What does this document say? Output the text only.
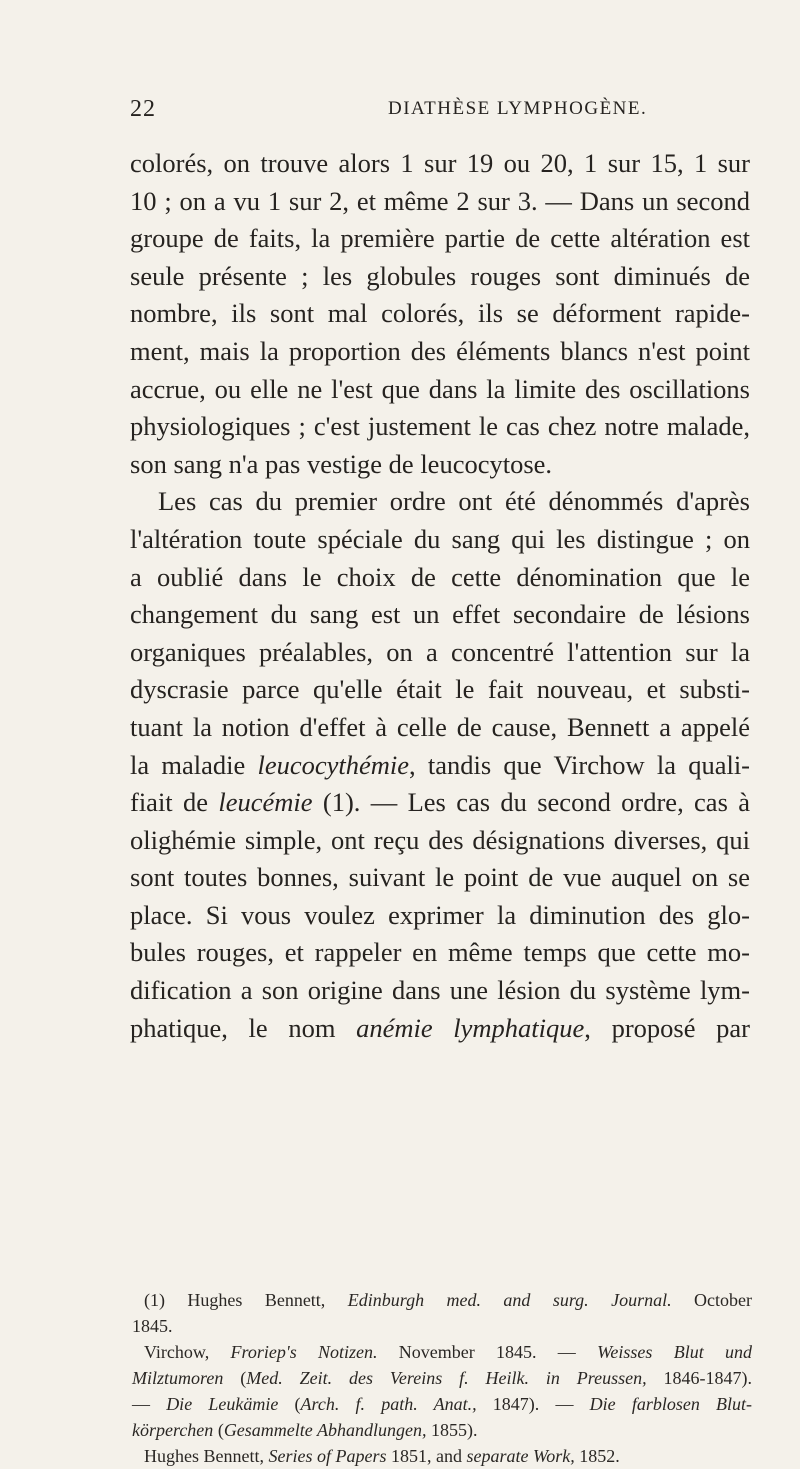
22	DIATHÈSE LYMPHOGÈNE.

colorés, on trouve alors 1 sur 19 ou 20, 1 sur 15, 1 sur
10 ; on a vu 1 sur 2, et même 2 sur 3. — Dans un second
groupe de faits, la première partie de cette altération est
seule présente ; les globules rouges sont diminués de
nombre, ils sont mal colorés, ils se déforment rapide-
ment, mais la proportion des éléments blancs n'est point
accrue, ou elle ne l'est que dans la limite des oscillations
physiologiques ; c'est justement le cas chez notre malade,
son sang n'a pas vestige de leucocytose.

Les cas du premier ordre ont été dénommés d'après
l'altération toute spéciale du sang qui les distingue ; on
a oublié dans le choix de cette dénomination que le
changement du sang est un effet secondaire de lésions
organiques préalables, on a concentré l'attention sur la
dyscrasie parce qu'elle était le fait nouveau, et substi-
tuant la notion d'effet à celle de cause, Bennett a appelé
la maladie leucocythémie, tandis que Virchow la quali-
fiait de leucémie (1). — Les cas du second ordre, cas à
olighémie simple, ont reçu des désignations diverses, qui
sont toutes bonnes, suivant le point de vue auquel on se
place. Si vous voulez exprimer la diminution des glo-
bules rouges, et rappeler en même temps que cette mo-
dification a son origine dans une lésion du système lym-
phatique, le nom anémie lymphatique, proposé par

(1) Hughes Bennett, Edinburgh med. and surg. Journal. October
1845.
Virchow, Froriep's Notizen. November 1845. — Weisses Blut und
Milztumoren (Med. Zeit. des Vereins f. Heilk. in Preussen, 1846-1847).
— Die Leukämie (Arch. f. path. Anat., 1847). — Die farblosen Blut-
körperchen (Gesammelte Abhandlungen, 1855).
Hughes Bennett, Series of Papers 1851, and separate Work, 1852.
